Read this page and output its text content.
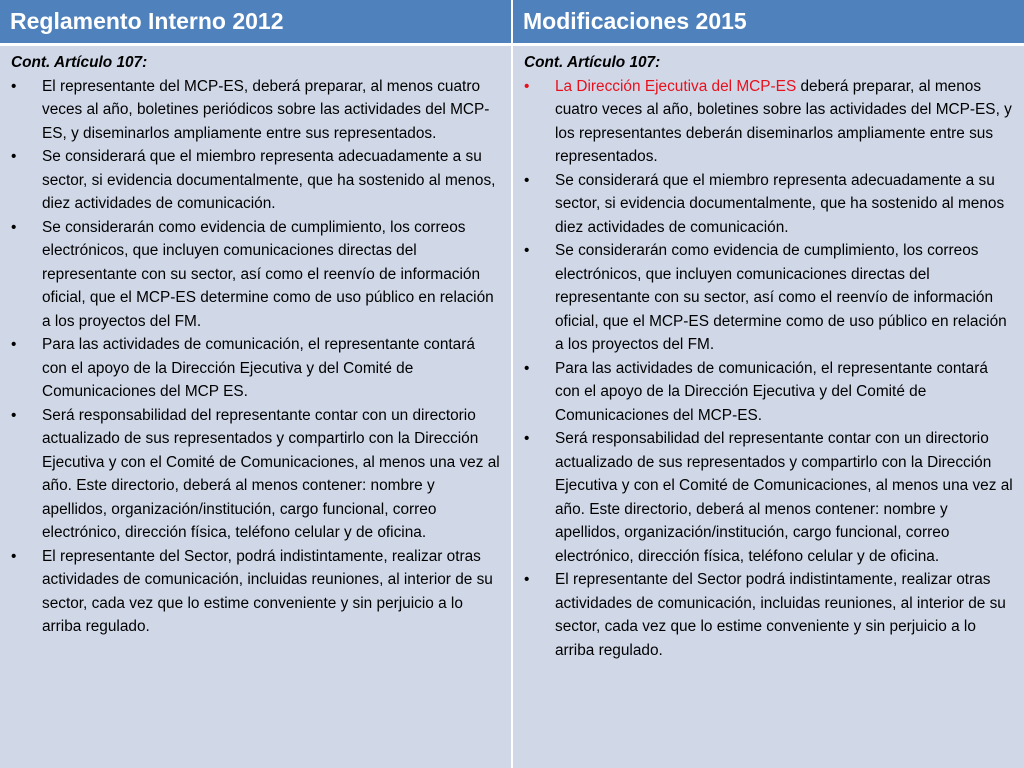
Reglamento Interno 2012	Modificaciones 2015
Cont. Artículo 107:
• El representante del MCP-ES, deberá preparar, al menos cuatro veces al año, boletines periódicos sobre las actividades del MCP-ES, y diseminarlos ampliamente entre sus representados.
• Se considerará que el miembro representa adecuadamente a su sector, si evidencia documentalmente, que ha sostenido al menos, diez actividades de comunicación.
• Se considerarán como evidencia de cumplimiento, los correos electrónicos, que incluyen comunicaciones directas del representante con su sector, así como el reenvío de información oficial, que el MCP-ES determine como de uso público en relación a los proyectos del FM.
• Para las actividades de comunicación, el representante contará con el apoyo de la Dirección Ejecutiva y del Comité de Comunicaciones del MCP ES.
• Será responsabilidad del representante contar con un directorio actualizado de sus representados y compartirlo con la Dirección Ejecutiva y con el Comité de Comunicaciones, al menos una vez al año. Este directorio, deberá al menos contener: nombre y apellidos, organización/institución, cargo funcional, correo electrónico, dirección física, teléfono celular y de oficina.
• El representante del Sector, podrá indistintamente, realizar otras actividades de comunicación, incluidas reuniones, al interior de su sector, cada vez que lo estime conveniente y sin perjuicio a lo arriba regulado.
Cont. Artículo 107:
• La Dirección Ejecutiva del MCP-ES deberá preparar, al menos cuatro veces al año, boletines sobre las actividades del MCP-ES, y los representantes deberán diseminarlos ampliamente entre sus representados.
• Se considerará que el miembro representa adecuadamente a su sector, si evidencia documentalmente, que ha sostenido al menos diez actividades de comunicación.
• Se considerarán como evidencia de cumplimiento, los correos electrónicos, que incluyen comunicaciones directas del representante con su sector, así como el reenvío de información oficial, que el MCP-ES determine como de uso público en relación a los proyectos del FM.
• Para las actividades de comunicación, el representante contará con el apoyo de la Dirección Ejecutiva y del Comité de Comunicaciones del MCP-ES.
• Será responsabilidad del representante contar con un directorio actualizado de sus representados y compartirlo con la Dirección Ejecutiva y con el Comité de Comunicaciones, al menos una vez al año. Este directorio, deberá al menos contener: nombre y apellidos, organización/institución, cargo funcional, correo electrónico, dirección física, teléfono celular y de oficina.
• El representante del Sector podrá indistintamente, realizar otras actividades de comunicación, incluidas reuniones, al interior de su sector, cada vez que lo estime conveniente y sin perjuicio a lo arriba regulado.
